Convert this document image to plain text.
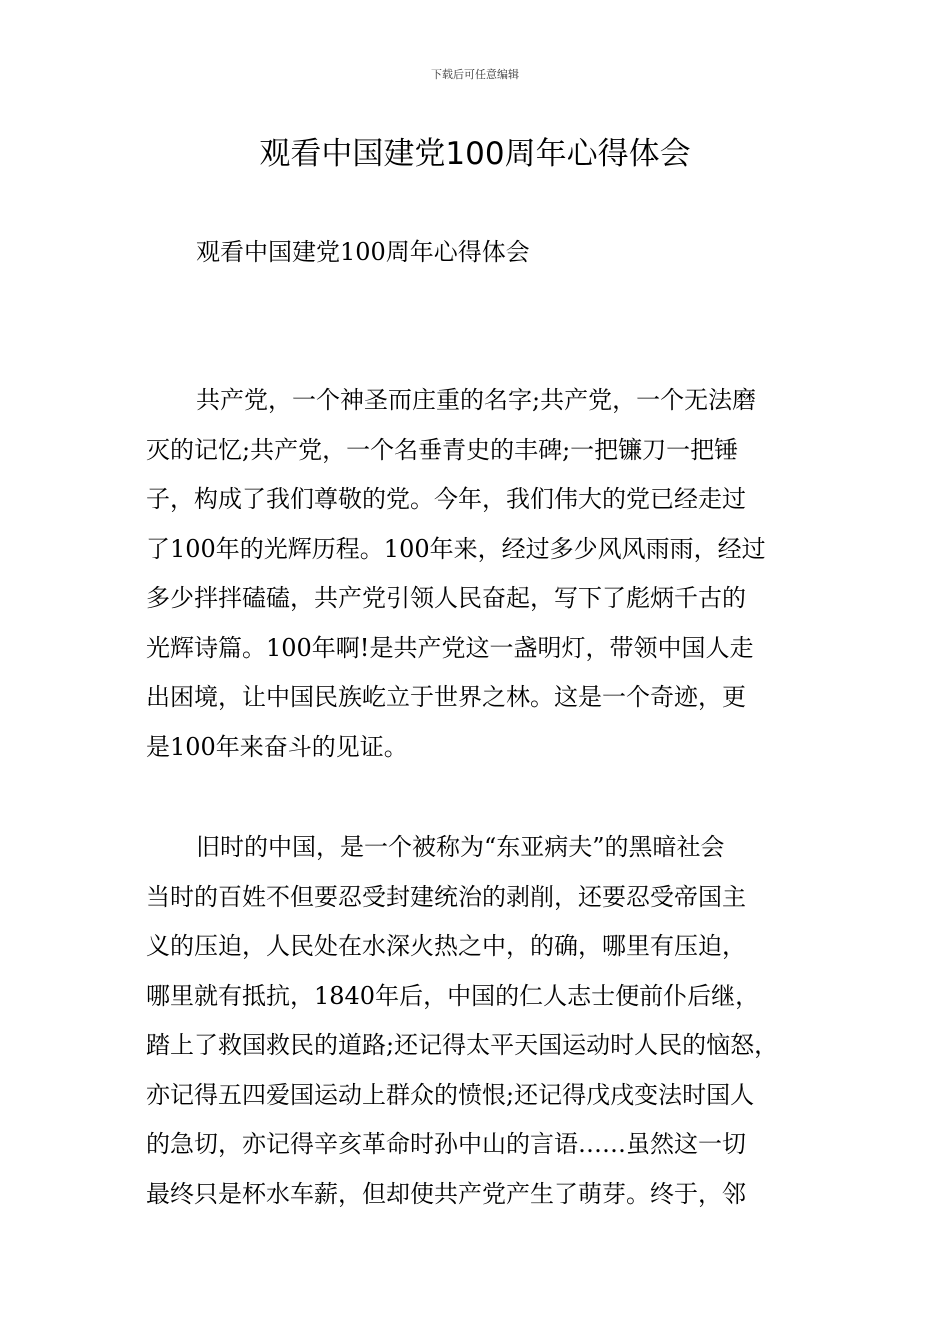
下载后可任意编辑
观看中国建党100周年心得体会

观看中国建党100周年心得体会

共产党，一个神圣而庄重的名字;共产党，一个无法磨
灭的记忆;共产党，一个名垂青史的丰碑;一把镰刀一把锤
子，构成了我们尊敬的党。今年，我们伟大的党已经走过
了100年的光辉历程。100年来，经过多少风风雨雨，经过
多少拌拌磕磕，共产党引领人民奋起，写下了彪炳千古的
光辉诗篇。100年啊!是共产党这一盏明灯，带领中国人走
出困境，让中国民族屹立于世界之林。这是一个奇迹，更
是100年来奋斗的见证。
旧时的中国，是一个被称为“东亚病夫”的黑暗社会
当时的百姓不但要忍受封建统治的剥削，还要忍受帝国主
义的压迫，人民处在水深火热之中，的确，哪里有压迫，
哪里就有抵抗，1840年后，中国的仁人志士便前仆后继，
踏上了救国救民的道路;还记得太平天国运动时人民的恼怒，
亦记得五四爱国运动上群众的愤恨;还记得戊戌变法时国人
的急切，亦记得辛亥革命时孙中山的言语……虽然这一切
最终只是杯水车薪，但却使共产党产生了萌芽。终于，邻
